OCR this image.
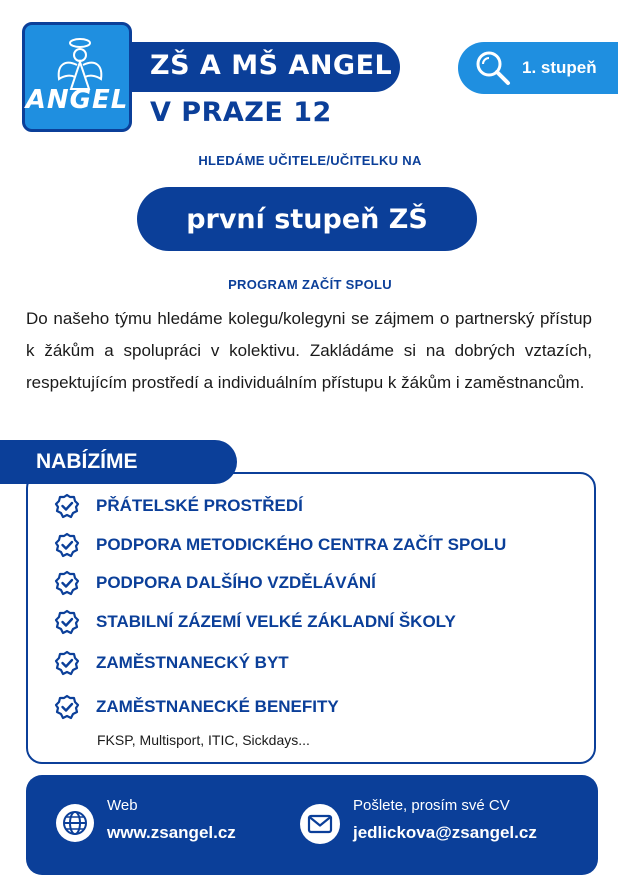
ANGEL
ZŠ A MŠ ANGEL
V PRAZE 12
1. stupeň
HLEDÁME UČITELE/UČITELKU NA
první stupeň ZŠ
PROGRAM ZAČÍT SPOLU
Do našeho týmu hledáme kolegu/kolegyni se zájmem o partnerský přístup k žákům a spolupráci v kolektivu. Zakládáme si na dobrých vztazích, respektujícím prostředí a individuálním přístupu k žákům i zaměstnancům.
NABÍZÍME
PŘÁTELSKÉ PROSTŘEDÍ
PODPORA METODICKÉHO CENTRA ZAČÍT SPOLU
PODPORA DALŠÍHO VZDĚLÁVÁNÍ
STABILNÍ ZÁZEMÍ VELKÉ ZÁKLADNÍ ŠKOLY
ZAMĚSTNANECKÝ BYT
ZAMĚSTNANECKÉ BENEFITY
FKSP, Multisport, ITIC, Sickdays...
Web
www.zsangel.cz
Pošlete, prosím své CV
jedlickova@zsangel.cz
